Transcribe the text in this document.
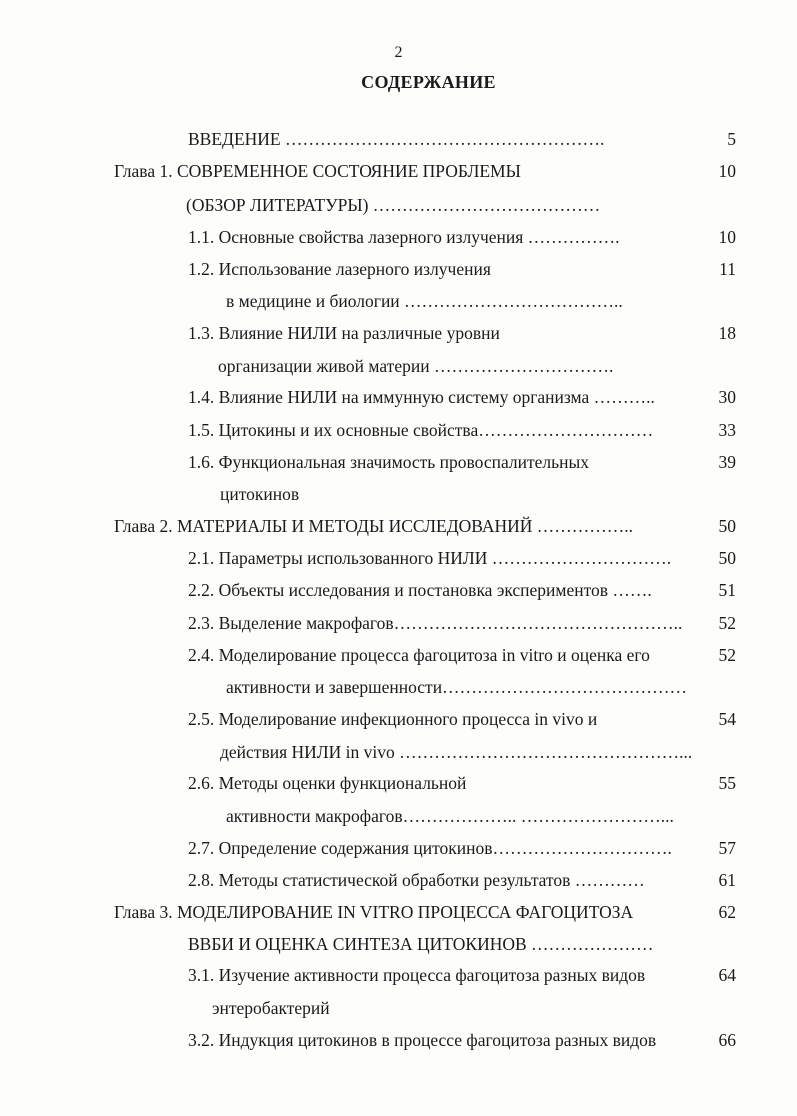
2
СОДЕРЖАНИЕ
ВВЕДЕНИЕ ……………………………………………….	5
Глава 1. СОВРЕМЕННОЕ СОСТОЯНИЕ ПРОБЛЕМЫ	10
(ОБЗОР ЛИТЕРАТУРЫ) …………………………………
1.1. Основные свойства лазерного излучения …………….	10
1.2. Использование лазерного излучения	11
в медицине и биологии ………………………………..
1.3. Влияние НИЛИ на различные уровни	18
организации живой материи ………………………….
1.4. Влияние НИЛИ на иммунную систему организма ………..	30
1.5. Цитокины и их основные свойства…………………………	33
1.6. Функциональная значимость провоспалительных	39
цитокинов
Глава 2. МАТЕРИАЛЫ И МЕТОДЫ ИССЛЕДОВАНИЙ ……………..	50
2.1. Параметры использованного НИЛИ ………………………….	50
2.2. Объекты исследования и постановка экспериментов …….	51
2.3. Выделение макрофагов…………………………………………..	52
2.4. Моделирование процесса фагоцитоза in vitro и оценка его	52
активности и завершенности……………………………………
2.5. Моделирование инфекционного процесса in vivo и	54
действия НИЛИ in vivo …………………………………………...
2.6. Методы оценки функциональной	55
активности макрофагов……………….. ……………………...
2.7. Определение содержания цитокинов………………………….	57
2.8. Методы статистической обработки результатов …………	61
Глава 3. МОДЕЛИРОВАНИЕ IN VITRO ПРОЦЕССА ФАГОЦИТОЗА	62
ВВБИ И ОЦЕНКА СИНТЕЗА ЦИТОКИНОВ …………………
3.1. Изучение активности процесса фагоцитоза разных видов	64
энтеробактерий
3.2. Индукция цитокинов в процессе фагоцитоза разных видов	66
